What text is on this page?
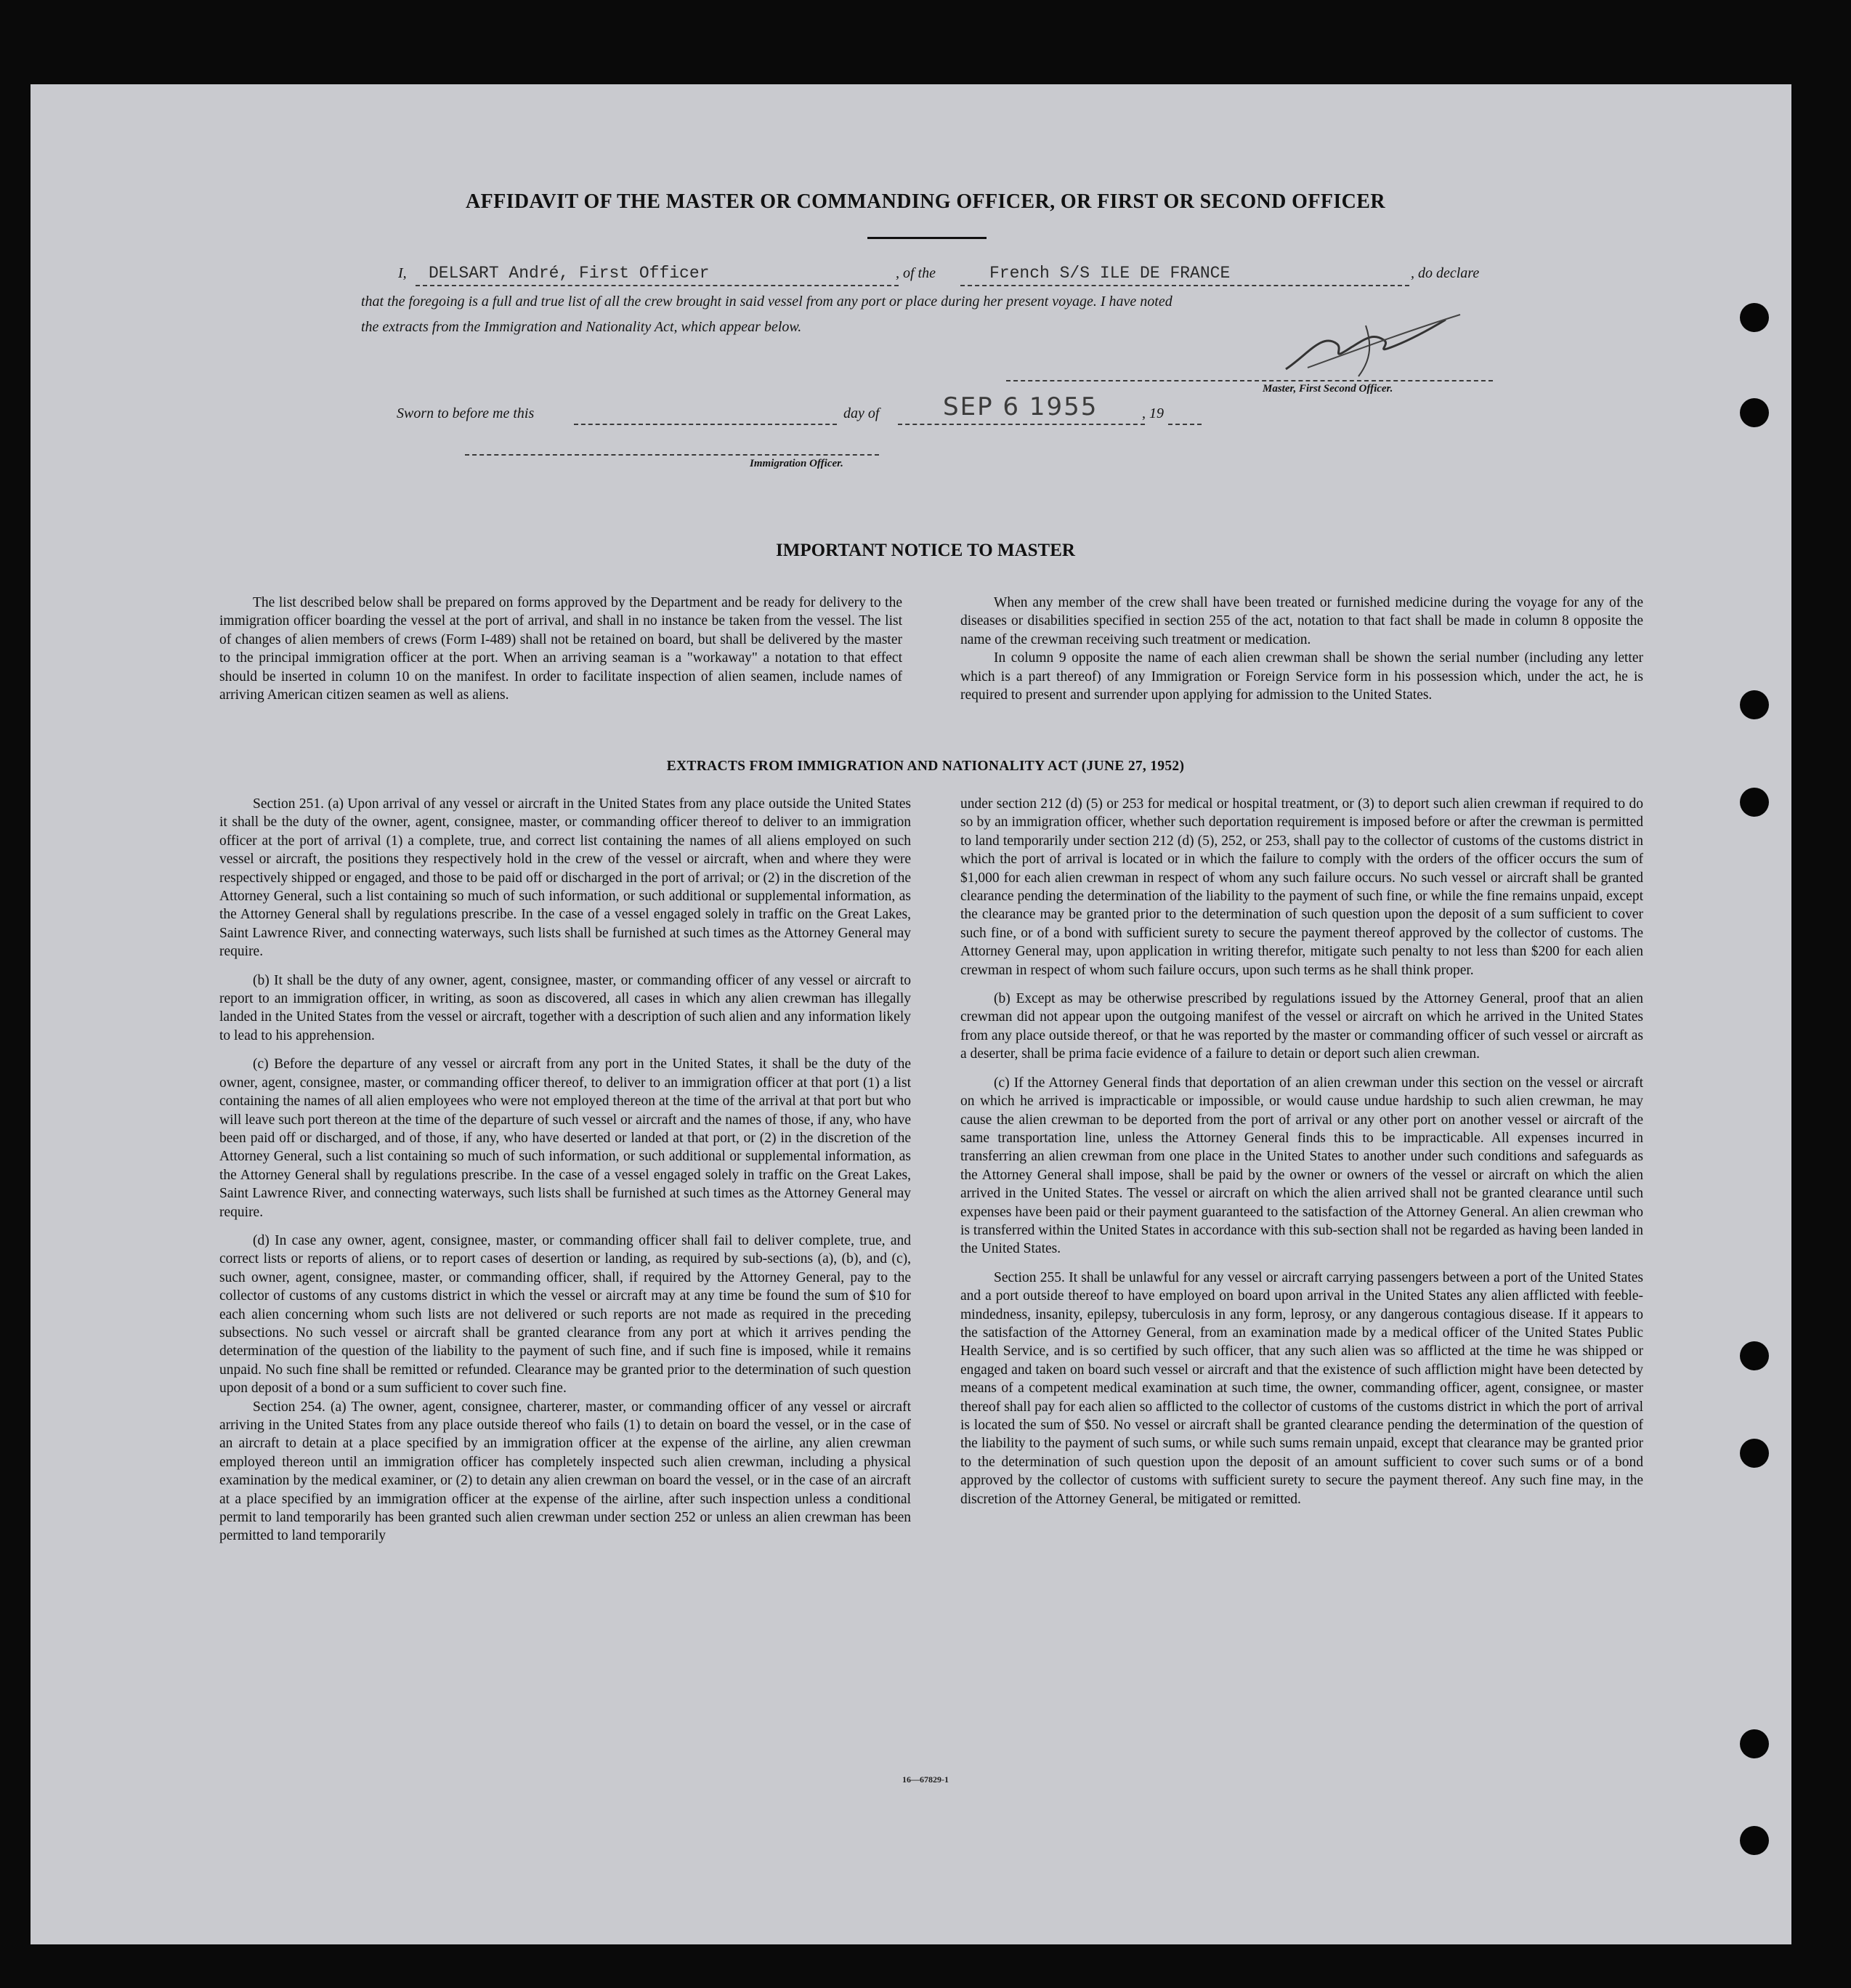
AFFIDAVIT OF THE MASTER OR COMMANDING OFFICER, OR FIRST OR SECOND OFFICER
I, DELSART André, First Officer	, of the	French S/S ILE DE FRANCE	, do declare
that the foregoing is a full and true list of all the crew brought in said vessel from any port or place during her present voyage. I have noted
the extracts from the Immigration and Nationality Act, which appear below.
Master, First Second Officer.
Sworn to before me this	day of	SEP 6 1955	, 19
Immigration Officer.
IMPORTANT NOTICE TO MASTER

The list described below shall be prepared on forms approved by the Department and be ready for delivery to the immigration officer boarding the vessel at the port of arrival, and shall in no instance be taken from the vessel. The list of changes of alien members of crews (Form I-489) shall not be retained on board, but shall be delivered by the master to the principal immigration officer at the port. When an arriving seaman is a "workaway" a notation to that effect should be inserted in column 10 on the manifest. In order to facilitate inspection of alien seamen, include names of arriving American citizen seamen as well as aliens.

When any member of the crew shall have been treated or furnished medicine during the voyage for any of the diseases or disabilities specified in section 255 of the act, notation to that fact shall be made in column 8 opposite the name of the crewman receiving such treatment or medication.

In column 9 opposite the name of each alien crewman shall be shown the serial number (including any letter which is a part thereof) of any Immigration or Foreign Service form in his possession which, under the act, he is required to present and surrender upon applying for admission to the United States.

EXTRACTS FROM IMMIGRATION AND NATIONALITY ACT (JUNE 27, 1952)

Section 251. (a) Upon arrival of any vessel or aircraft in the United States from any place outside the United States it shall be the duty of the owner, agent, consignee, master, or commanding officer thereof to deliver to an immigration officer at the port of arrival (1) a complete, true, and correct list containing the names of all aliens employed on such vessel or aircraft, the positions they respectively hold in the crew of the vessel or aircraft, when and where they were respectively shipped or engaged, and those to be paid off or discharged in the port of arrival; or (2) in the discretion of the Attorney General, such a list containing so much of such information, or such additional or supplemental information, as the Attorney General shall by regulations prescribe. In the case of a vessel engaged solely in traffic on the Great Lakes, Saint Lawrence River, and connecting waterways, such lists shall be furnished at such times as the Attorney General may require.

(b) It shall be the duty of any owner, agent, consignee, master, or commanding officer of any vessel or aircraft to report to an immigration officer, in writing, as soon as discovered, all cases in which any alien crewman has illegally landed in the United States from the vessel or aircraft, together with a description of such alien and any information likely to lead to his apprehension.

(c) Before the departure of any vessel or aircraft from any port in the United States, it shall be the duty of the owner, agent, consignee, master, or commanding officer thereof, to deliver to an immigration officer at that port (1) a list containing the names of all alien employees who were not employed thereon at the time of the arrival at that port but who will leave such port thereon at the time of the departure of such vessel or aircraft and the names of those, if any, who have been paid off or discharged, and of those, if any, who have deserted or landed at that port, or (2) in the discretion of the Attorney General, such a list containing so much of such information, or such additional or supplemental information, as the Attorney General shall by regulations prescribe. In the case of a vessel engaged solely in traffic on the Great Lakes, Saint Lawrence River, and connecting waterways, such lists shall be furnished at such times as the Attorney General may require.

(d) In case any owner, agent, consignee, master, or commanding officer shall fail to deliver complete, true, and correct lists or reports of aliens, or to report cases of desertion or landing, as required by sub-sections (a), (b), and (c), such owner, agent, consignee, master, or commanding officer, shall, if required by the Attorney General, pay to the collector of customs of any customs district in which the vessel or aircraft may at any time be found the sum of $10 for each alien concerning whom such lists are not delivered or such reports are not made as required in the preceding subsections. No such vessel or aircraft shall be granted clearance from any port at which it arrives pending the determination of the question of the liability to the payment of such fine, and if such fine is imposed, while it remains unpaid. No such fine shall be remitted or refunded. Clearance may be granted prior to the determination of such question upon deposit of a bond or a sum sufficient to cover such fine.

Section 254. (a) The owner, agent, consignee, charterer, master, or commanding officer of any vessel or aircraft arriving in the United States from any place outside thereof who fails (1) to detain on board the vessel, or in the case of an aircraft to detain at a place specified by an immigration officer at the expense of the airline, any alien crewman employed thereon until an immigration officer has completely inspected such alien crewman, including a physical examination by the medical examiner, or (2) to detain any alien crewman on board the vessel, or in the case of an aircraft at a place specified by an immigration officer at the expense of the airline, after such inspection unless a conditional permit to land temporarily has been granted such alien crewman under section 252 or unless an alien crewman has been permitted to land temporarily

under section 212 (d) (5) or 253 for medical or hospital treatment, or (3) to deport such alien crewman if required to do so by an immigration officer, whether such deportation requirement is imposed before or after the crewman is permitted to land temporarily under section 212 (d) (5), 252, or 253, shall pay to the collector of customs of the customs district in which the port of arrival is located or in which the failure to comply with the orders of the officer occurs the sum of $1,000 for each alien crewman in respect of whom any such failure occurs. No such vessel or aircraft shall be granted clearance pending the determination of the liability to the payment of such fine, or while the fine remains unpaid, except the clearance may be granted prior to the determination of such question upon the deposit of a sum sufficient to cover such fine, or of a bond with sufficient surety to secure the payment thereof approved by the collector of customs. The Attorney General may, upon application in writing therefor, mitigate such penalty to not less than $200 for each alien crewman in respect of whom such failure occurs, upon such terms as he shall think proper.

(b) Except as may be otherwise prescribed by regulations issued by the Attorney General, proof that an alien crewman did not appear upon the outgoing manifest of the vessel or aircraft on which he arrived in the United States from any place outside thereof, or that he was reported by the master or commanding officer of such vessel or aircraft as a deserter, shall be prima facie evidence of a failure to detain or deport such alien crewman.

(c) If the Attorney General finds that deportation of an alien crewman under this section on the vessel or aircraft on which he arrived is impracticable or impossible, or would cause undue hardship to such alien crewman, he may cause the alien crewman to be deported from the port of arrival or any other port on another vessel or aircraft of the same transportation line, unless the Attorney General finds this to be impracticable. All expenses incurred in transferring an alien crewman from one place in the United States to another under such conditions and safeguards as the Attorney General shall impose, shall be paid by the owner or owners of the vessel or aircraft on which the alien arrived in the United States. The vessel or aircraft on which the alien arrived shall not be granted clearance until such expenses have been paid or their payment guaranteed to the satisfaction of the Attorney General. An alien crewman who is transferred within the United States in accordance with this sub-section shall not be regarded as having been landed in the United States.

Section 255. It shall be unlawful for any vessel or aircraft carrying passengers between a port of the United States and a port outside thereof to have employed on board upon arrival in the United States any alien afflicted with feeble-mindedness, insanity, epilepsy, tuberculosis in any form, leprosy, or any dangerous contagious disease. If it appears to the satisfaction of the Attorney General, from an examination made by a medical officer of the United States Public Health Service, and is so certified by such officer, that any such alien was so afflicted at the time he was shipped or engaged and taken on board such vessel or aircraft and that the existence of such affliction might have been detected by means of a competent medical examination at such time, the owner, commanding officer, agent, consignee, or master thereof shall pay for each alien so afflicted to the collector of customs of the customs district in which the port of arrival is located the sum of $50. No vessel or aircraft shall be granted clearance pending the determination of the question of the liability to the payment of such sums, or while such sums remain unpaid, except that clearance may be granted prior to the determination of such question upon the deposit of an amount sufficient to cover such sums or of a bond approved by the collector of customs with sufficient surety to secure the payment thereof. Any such fine may, in the discretion of the Attorney General, be mitigated or remitted.

16—67829-1
